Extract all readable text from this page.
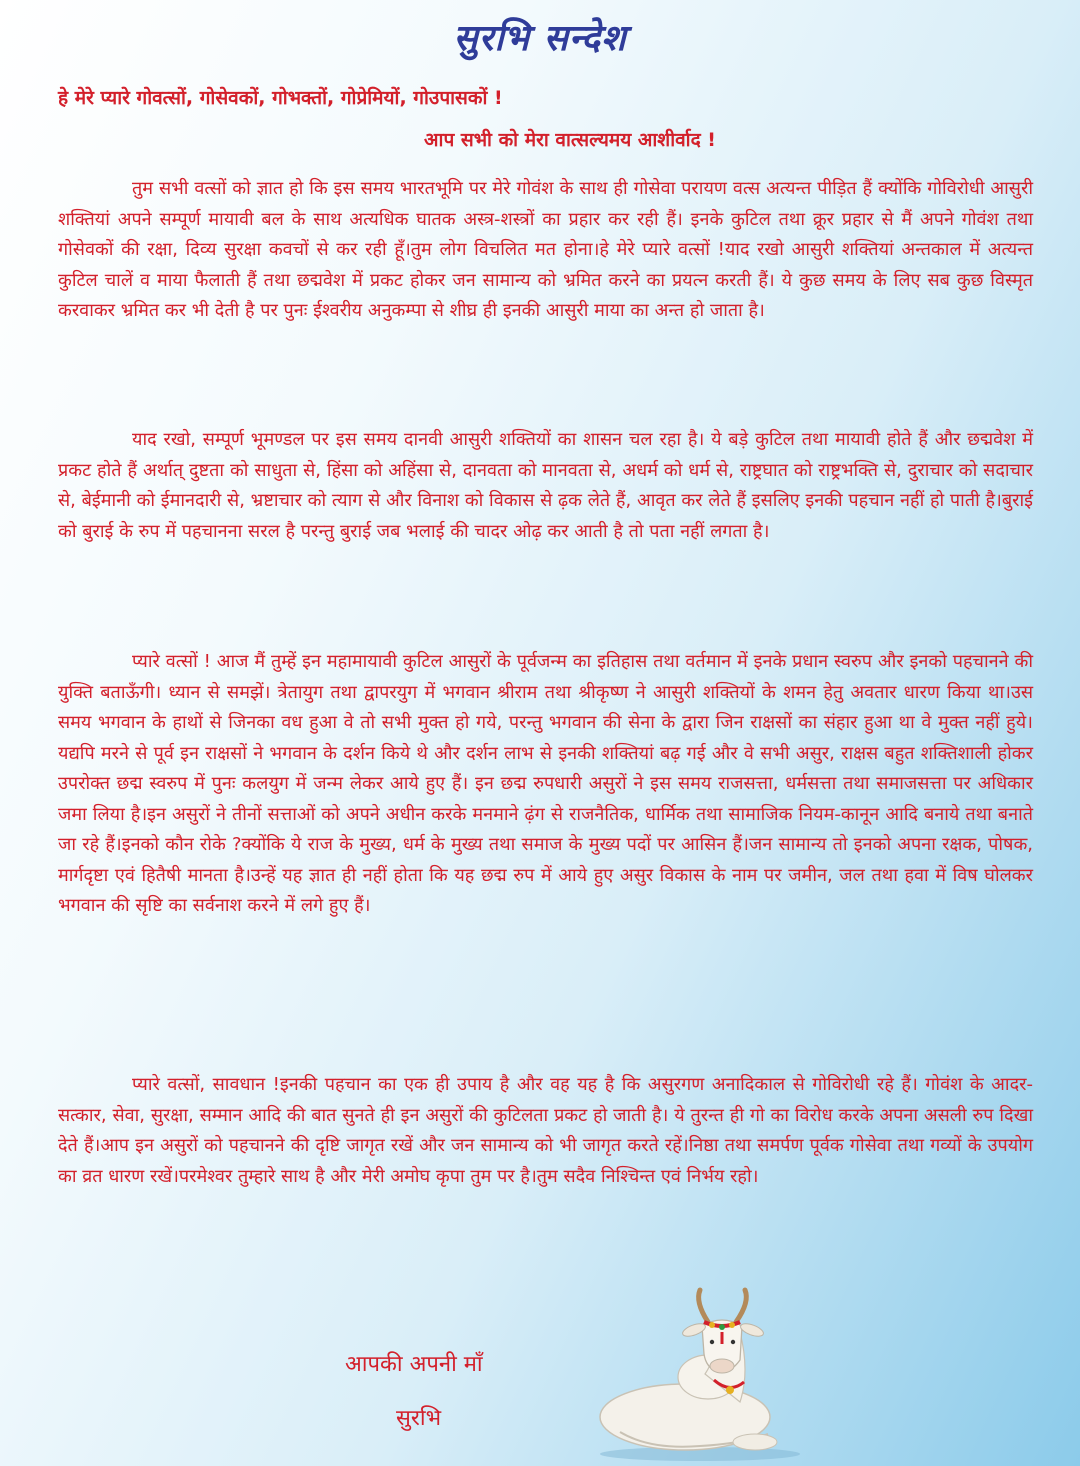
सुरभि सन्देश
हे मेरे प्यारे गोवत्सों, गोसेवकों, गोभक्तों, गोप्रेमियों, गोउपासकों !
आप सभी को मेरा वात्सल्यमय आशीर्वाद !

तुम सभी वत्सों को ज्ञात हो कि इस समय भारतभूमि पर मेरे गोवंश के साथ ही गोसेवा परायण वत्स अत्यन्त पीड़ित हैं क्योंकि गोविरोधी आसुरी शक्तियां अपने सम्पूर्ण मायावी बल के साथ अत्यधिक घातक अस्त्र-शस्त्रों का प्रहार कर रही हैं। इनके कुटिल तथा क्रूर प्रहार से मैं अपने गोवंश तथा गोसेवकों की रक्षा, दिव्य सुरक्षा कवचों से कर रही हूँ।तुम लोग विचलित मत होना।हे मेरे प्यारे वत्सों !याद रखो आसुरी शक्तियां अन्तकाल में अत्यन्त कुटिल चालें व माया फैलाती हैं तथा छद्मवेश में प्रकट होकर जन सामान्य को भ्रमित करने का प्रयत्न करती हैं। ये कुछ समय के लिए सब कुछ विस्मृत करवाकर भ्रमित कर भी देती है पर पुनः ईश्वरीय अनुकम्पा से शीघ्र ही इनकी आसुरी माया का अन्त हो जाता है।

याद रखो, सम्पूर्ण भूमण्डल पर इस समय दानवी आसुरी शक्तियों का शासन चल रहा है। ये बड़े कुटिल तथा मायावी होते हैं और छद्मवेश में प्रकट होते हैं अर्थात् दुष्टता को साधुता से, हिंसा को अहिंसा से, दानवता को मानवता से, अधर्म को धर्म से, राष्ट्रघात को राष्ट्रभक्ति से, दुराचार को सदाचार से, बेईमानी को ईमानदारी से, भ्रष्टाचार को त्याग से और विनाश को विकास से ढ़क लेते हैं, आवृत कर लेते हैं इसलिए इनकी पहचान नहीं हो पाती है।बुराई को बुराई के रुप में पहचानना सरल है परन्तु बुराई जब भलाई की चादर ओढ़ कर आती है तो पता नहीं लगता है।

प्यारे वत्सों ! आज मैं तुम्हें इन महामायावी कुटिल आसुरों के पूर्वजन्म का इतिहास तथा वर्तमान में इनके प्रधान स्वरुप और इनको पहचानने की युक्ति बताऊँगी। ध्यान से समझें। त्रेतायुग तथा द्वापरयुग में भगवान श्रीराम तथा श्रीकृष्ण ने आसुरी शक्तियों के शमन हेतु अवतार धारण किया था।उस समय भगवान के हाथों से जिनका वध हुआ वे तो सभी मुक्त हो गये, परन्तु भगवान की सेना के द्वारा जिन राक्षसों का संहार हुआ था वे मुक्त नहीं हुये। यद्यपि मरने से पूर्व इन राक्षसों ने भगवान के दर्शन किये थे और दर्शन लाभ से इनकी शक्तियां बढ़ गई और वे सभी असुर, राक्षस बहुत शक्तिशाली होकर उपरोक्त छद्म स्वरुप में पुनः कलयुग में जन्म लेकर आये हुए हैं। इन छद्म रुपधारी असुरों ने इस समय राजसत्ता, धर्मसत्ता तथा समाजसत्ता पर अधिकार जमा लिया है।इन असुरों ने तीनों सत्ताओं को अपने अधीन करके मनमाने ढ़ंग से राजनैतिक, धार्मिक तथा सामाजिक नियम-कानून आदि बनाये तथा बनाते जा रहे हैं।इनको कौन रोके ?क्योंकि ये राज के मुख्य, धर्म के मुख्य तथा समाज के मुख्य पदों पर आसिन हैं।जन सामान्य तो इनको अपना रक्षक, पोषक, मार्गदृष्टा एवं हितैषी मानता है।उन्हें यह ज्ञात ही नहीं होता कि यह छद्म रुप में आये हुए असुर विकास के नाम पर जमीन, जल तथा हवा में विष घोलकर भगवान की सृष्टि का सर्वनाश करने में लगे हुए हैं।

प्यारे वत्सों, सावधान !इनकी पहचान का एक ही उपाय है और वह यह है कि असुरगण अनादिकाल से गोविरोधी रहे हैं। गोवंश के आदर-सत्कार, सेवा, सुरक्षा, सम्मान आदि की बात सुनते ही इन असुरों की कुटिलता प्रकट हो जाती है। ये तुरन्त ही गो का विरोध करके अपना असली रुप दिखा देते हैं।आप इन असुरों को पहचानने की दृष्टि जागृत रखें और जन सामान्य को भी जागृत करते रहें।निष्ठा तथा समर्पण पूर्वक गोसेवा तथा गव्यों के उपयोग का व्रत धारण रखें।परमेश्वर तुम्हारे साथ है और मेरी अमोघ कृपा तुम पर है।तुम सदैव निश्चिन्त एवं निर्भय रहो।

आपकी अपनी माँ
सुरभि
